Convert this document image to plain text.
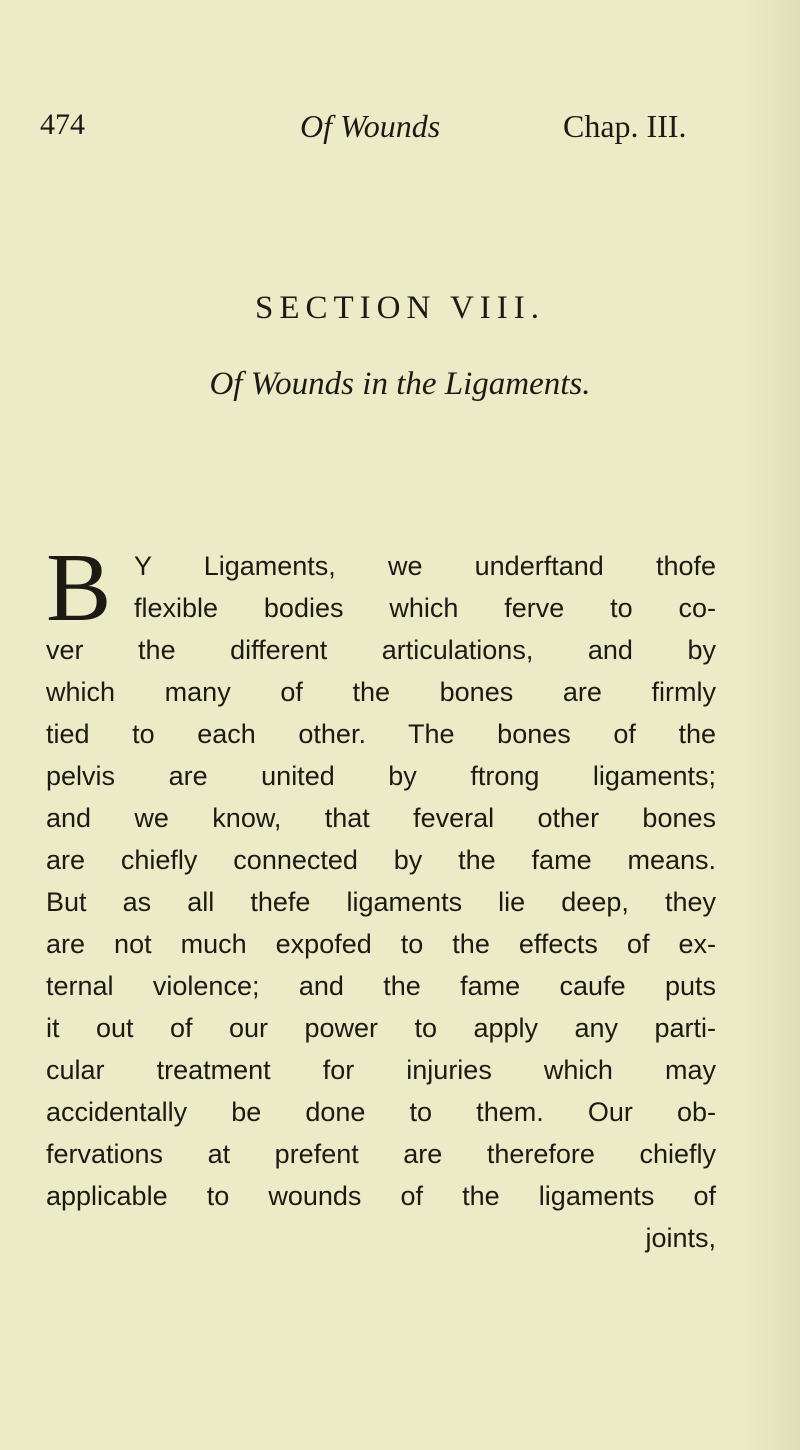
474	Of Wounds	Chap. III.
SECTION VIII.
Of Wounds in the Ligaments.
B Y Ligaments, we underftand thofe
flexible bodies which ferve to co-
ver the different articulations, and by
which many of the bones are firmly
tied to each other. The bones of the
pelvis are united by ftrong ligaments;
and we know, that feveral other bones
are chiefly connected by the fame means.
But as all thefe ligaments lie deep, they
are not much expofed to the effects of ex-
ternal violence; and the fame caufe puts
it out of our power to apply any parti-
cular treatment for injuries which may
accidentally be done to them. Our ob-
fervations at prefent are therefore chiefly
applicable to wounds of the ligaments of
joints,
